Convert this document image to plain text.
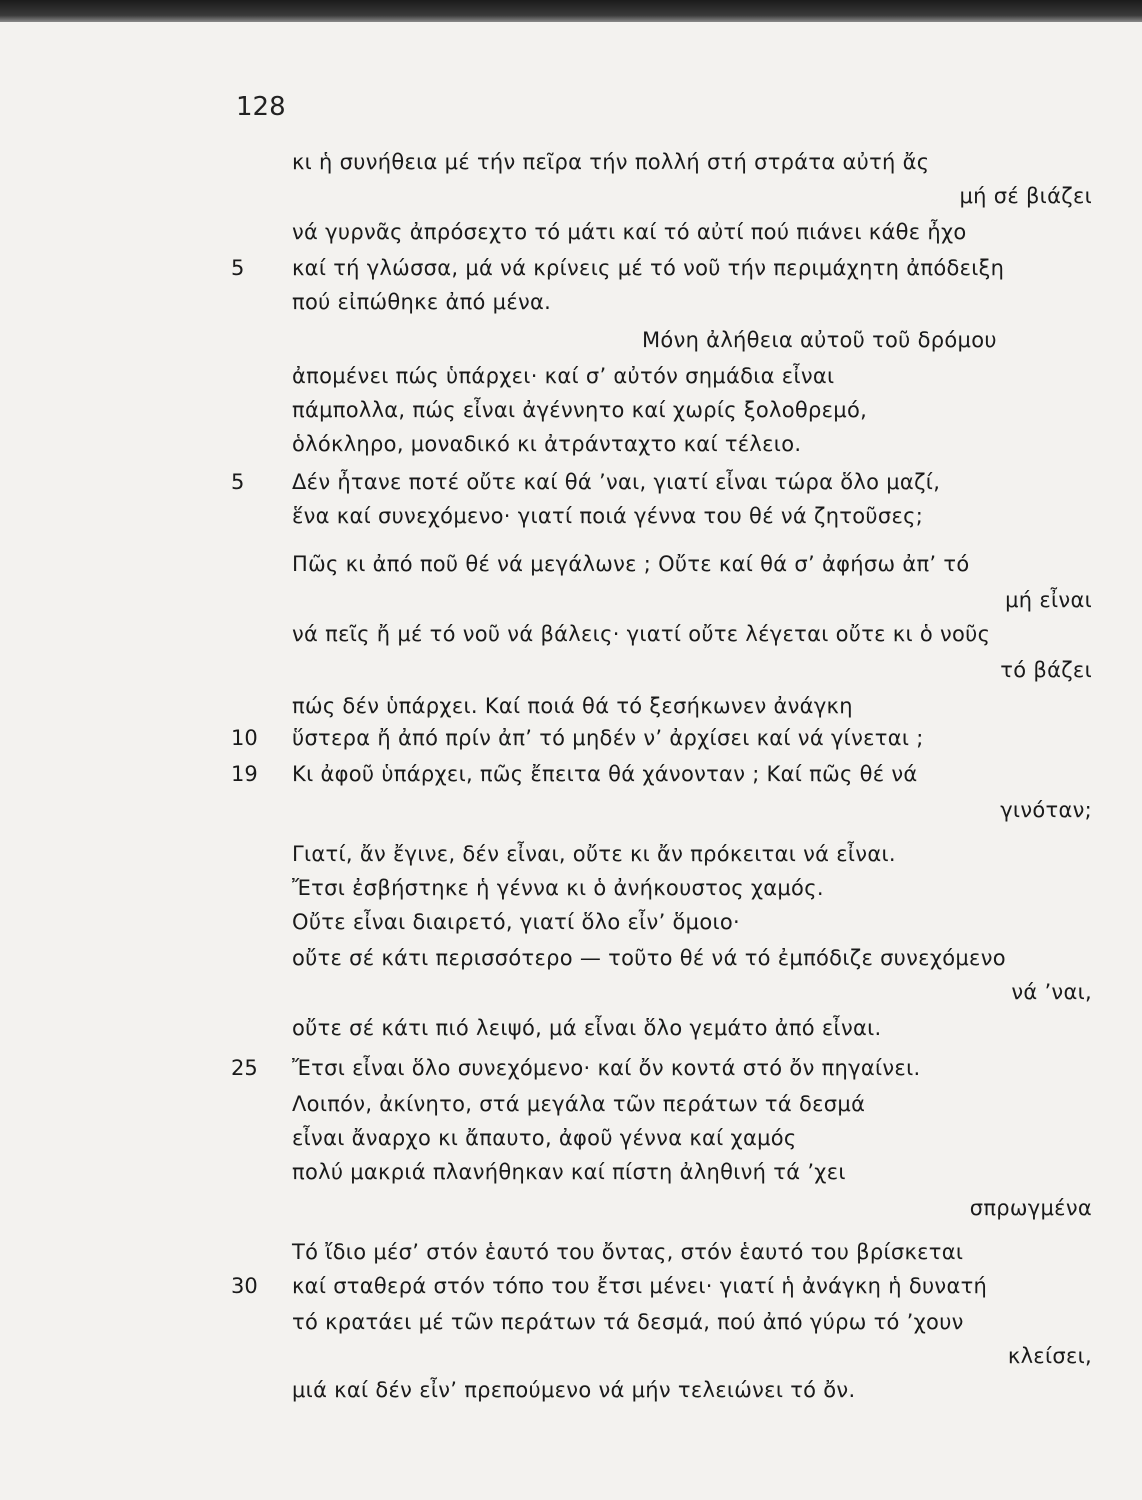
128
κι ἡ συνήθεια μέ τήν πεῖρα τήν πολλή στή στράτα αὐτή ἄς
μή σέ βιάζει
νά γυρνᾶς ἀπρόσεχτο τό μάτι καί τό αὐτί πού πιάνει κάθε ἦχο
καί τή γλώσσα, μά νά κρίνεις μέ τό νοῦ τήν περιμάχητη ἀπόδειξη
πού εἰπώθηκε ἀπό μένα.
Μόνη ἀλήθεια αὐτοῦ τοῦ δρόμου
ἀπομένει πώς ὑπάρχει· καί σ’ αὐτόν σημάδια εἶναι
πάμπολλα, πώς εἶναι ἀγέννητο καί χωρίς ξολοθρεμό,
ὁλόκληρο, μοναδικό κι ἀτράνταχτο καί τέλειο.
Δέν ἦτανε ποτέ οὔτε καί θά ’ναι, γιατί εἶναι τώρα ὅλο μαζί,
ἕνα καί συνεχόμενο· γιατί ποιά γέννα του θέ νά ζητοῦσες;
Πῶς κι ἀπό ποῦ θέ νά μεγάλωνε ; Οὔτε καί θά σ’ ἀφήσω ἀπ’ τό
μή εἶναι
νά πεῖς ἤ μέ τό νοῦ νά βάλεις· γιατί οὔτε λέγεται οὔτε κι ὁ νοῦς
τό βάζει
πώς δέν ὑπάρχει. Καί ποιά θά τό ξεσήκωνεν ἀνάγκη
ὕστερα ἤ ἀπό πρίν ἀπ’ τό μηδέν ν’ ἀρχίσει καί νά γίνεται ;
Κι ἀφοῦ ὑπάρχει, πῶς ἔπειτα θά χάνονταν ; Καί πῶς θέ νά
γινόταν;
Γιατί, ἄν ἔγινε, δέν εἶναι, οὔτε κι ἄν πρόκειται νά εἶναι.
Ἔτσι ἐσβήστηκε ἡ γέννα κι ὁ ἀνήκουστος χαμός.
Οὔτε εἶναι διαιρετό, γιατί ὅλο εἶν’ ὅμοιο·
οὔτε σέ κάτι περισσότερο — τοῦτο θέ νά τό ἐμπόδιζε συνεχόμενο
νά ’ναι,
οὔτε σέ κάτι πιό λειψό, μά εἶναι ὅλο γεμάτο ἀπό εἶναι.
Ἔτσι εἶναι ὅλο συνεχόμενο· καί ὄν κοντά στό ὄν πηγαίνει.
Λοιπόν, ἀκίνητο, στά μεγάλα τῶν περάτων τά δεσμά
εἶναι ἄναρχο κι ἄπαυτο, ἀφοῦ γέννα καί χαμός
πολύ μακριά πλανήθηκαν καί πίστη ἀληθινή τά ’χει
σπρωγμένα
Τό ἴδιο μέσ’ στόν ἑαυτό του ὄντας, στόν ἑαυτό του βρίσκεται
καί σταθερά στόν τόπο του ἔτσι μένει· γιατί ἡ ἀνάγκη ἡ δυνατή
τό κρατάει μέ τῶν περάτων τά δεσμά, πού ἀπό γύρω τό ’χουν
κλείσει,
μιά καί δέν εἶν’ πρεπούμενο νά μήν τελειώνει τό ὄν.
5
5
10
19
25
30
